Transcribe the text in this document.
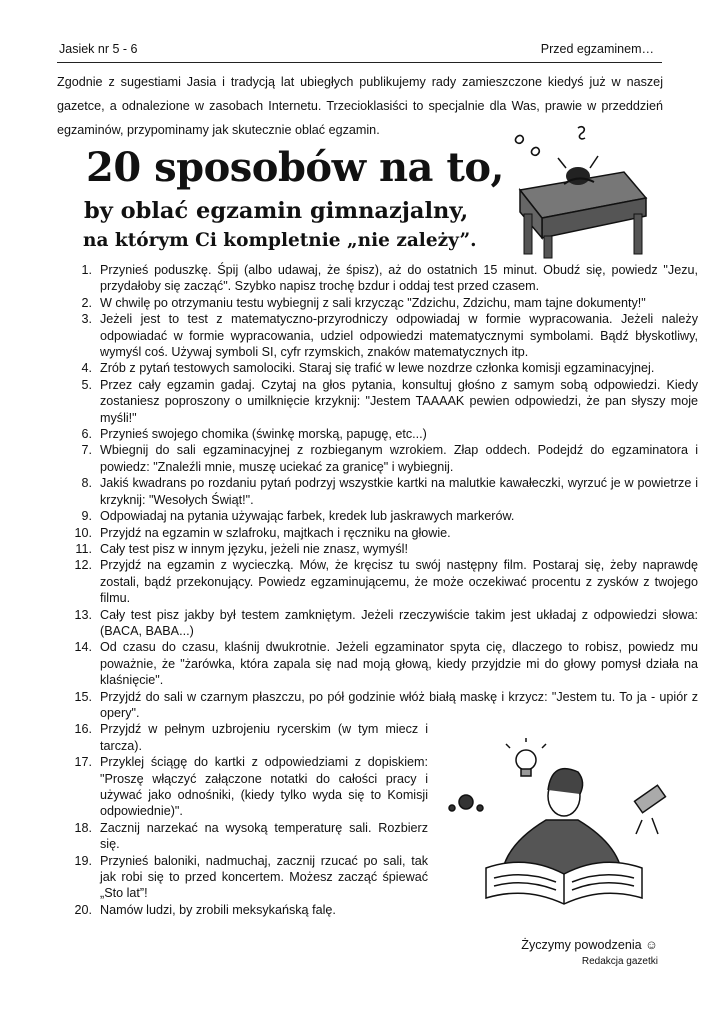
Jasiek nr 5 - 6	Przed egzaminem…
Zgodnie z sugestiami Jasia i tradycją lat ubiegłych publikujemy rady zamieszczone kiedyś już w naszej gazetce, a odnalezione w zasobach Internetu. Trzecioklasiści to specjalnie dla Was, prawie w przeddzień egzaminów, przypominamy jak skutecznie oblać egzamin.
20 sposobów na to,
by oblać egzamin gimnazjalny,
na którym Ci kompletnie „nie zależy”.
1. Przynieś poduszkę. Śpij (albo udawaj, że śpisz), aż do ostatnich 15 minut. Obudź się, powiedz "Jezu, przydałoby się zacząć". Szybko napisz trochę bzdur i oddaj test przed czasem.
2. W chwilę po otrzymaniu testu wybiegnij z sali krzycząc "Zdzichu, Zdzichu, mam tajne dokumenty!"
3. Jeżeli jest to test z matematyczno-przyrodniczy odpowiadaj w formie wypracowania. Jeżeli należy odpowiadać w formie wypracowania, udziel odpowiedzi matematycznymi symbolami. Bądź błyskotliwy, wymyśl coś. Używaj symboli SI, cyfr rzymskich, znaków matematycznych itp.
4. Zrób z pytań testowych samolociki. Staraj się trafić w lewe nozdrze członka komisji egzaminacyjnej.
5. Przez cały egzamin gadaj. Czytaj na głos pytania, konsultuj głośno z samym sobą odpowiedzi. Kiedy zostaniesz poproszony o umilknięcie krzyknij: "Jestem TAAAAK pewien odpowiedzi, że pan słyszy moje myśli!"
6. Przynieś swojego chomika (świnkę morską, papugę, etc...)
7. Wbiegnij do sali egzaminacyjnej z rozbieganym wzrokiem. Złap oddech. Podejdź do egzaminatora i powiedz: "Znaleźli mnie, muszę uciekać za granicę" i wybiegnij.
8. Jakiś kwadrans po rozdaniu pytań podrzyj wszystkie kartki na malutkie kawałeczki, wyrzuć je w powietrze i krzyknij: "Wesołych Świąt!".
9. Odpowiadaj na pytania używając farbek, kredek lub jaskrawych markerów.
10. Przyjdź na egzamin w szlafroku, majtkach i ręczniku na głowie.
11. Cały test pisz w innym języku, jeżeli nie znasz, wymyśl!
12. Przyjdź na egzamin z wycieczką. Mów, że kręcisz tu swój następny film. Postaraj się, żeby naprawdę zostali, bądź przekonujący. Powiedz egzaminującemu, że może oczekiwać procentu z zysków z twojego filmu.
13. Cały test pisz jakby był testem zamkniętym. Jeżeli rzeczywiście takim jest układaj z odpowiedzi słowa: (BACA, BABA...)
14. Od czasu do czasu, klaśnij dwukrotnie. Jeżeli egzaminator spyta cię, dlaczego to robisz, powiedz mu poważnie, że "żarówka, która zapala się nad moją głową, kiedy przyjdzie mi do głowy pomysł działa na klaśnięcie".
15. Przyjdź do sali w czarnym płaszczu, po pół godzinie włóż białą maskę i krzycz: "Jestem tu. To ja - upiór z opery".
16. Przyjdź w pełnym uzbrojeniu rycerskim (w tym miecz i tarcza).
17. Przyklej ściągę do kartki z odpowiedziami z dopiskiem: "Proszę włączyć załączone notatki do całości pracy i używać jako odnośniki, (kiedy tylko wyda się to Komisji odpowiednie)".
18. Zacznij narzekać na wysoką temperaturę sali. Rozbierz się.
19. Przynieś baloniki, nadmuchaj, zacznij rzucać po sali, tak jak robi się to przed koncertem. Możesz zacząć śpiewać „Sto lat”!
20. Namów ludzi, by zrobili meksykańską falę.
Życzymy powodzenia ☺
Redakcja gazetki
